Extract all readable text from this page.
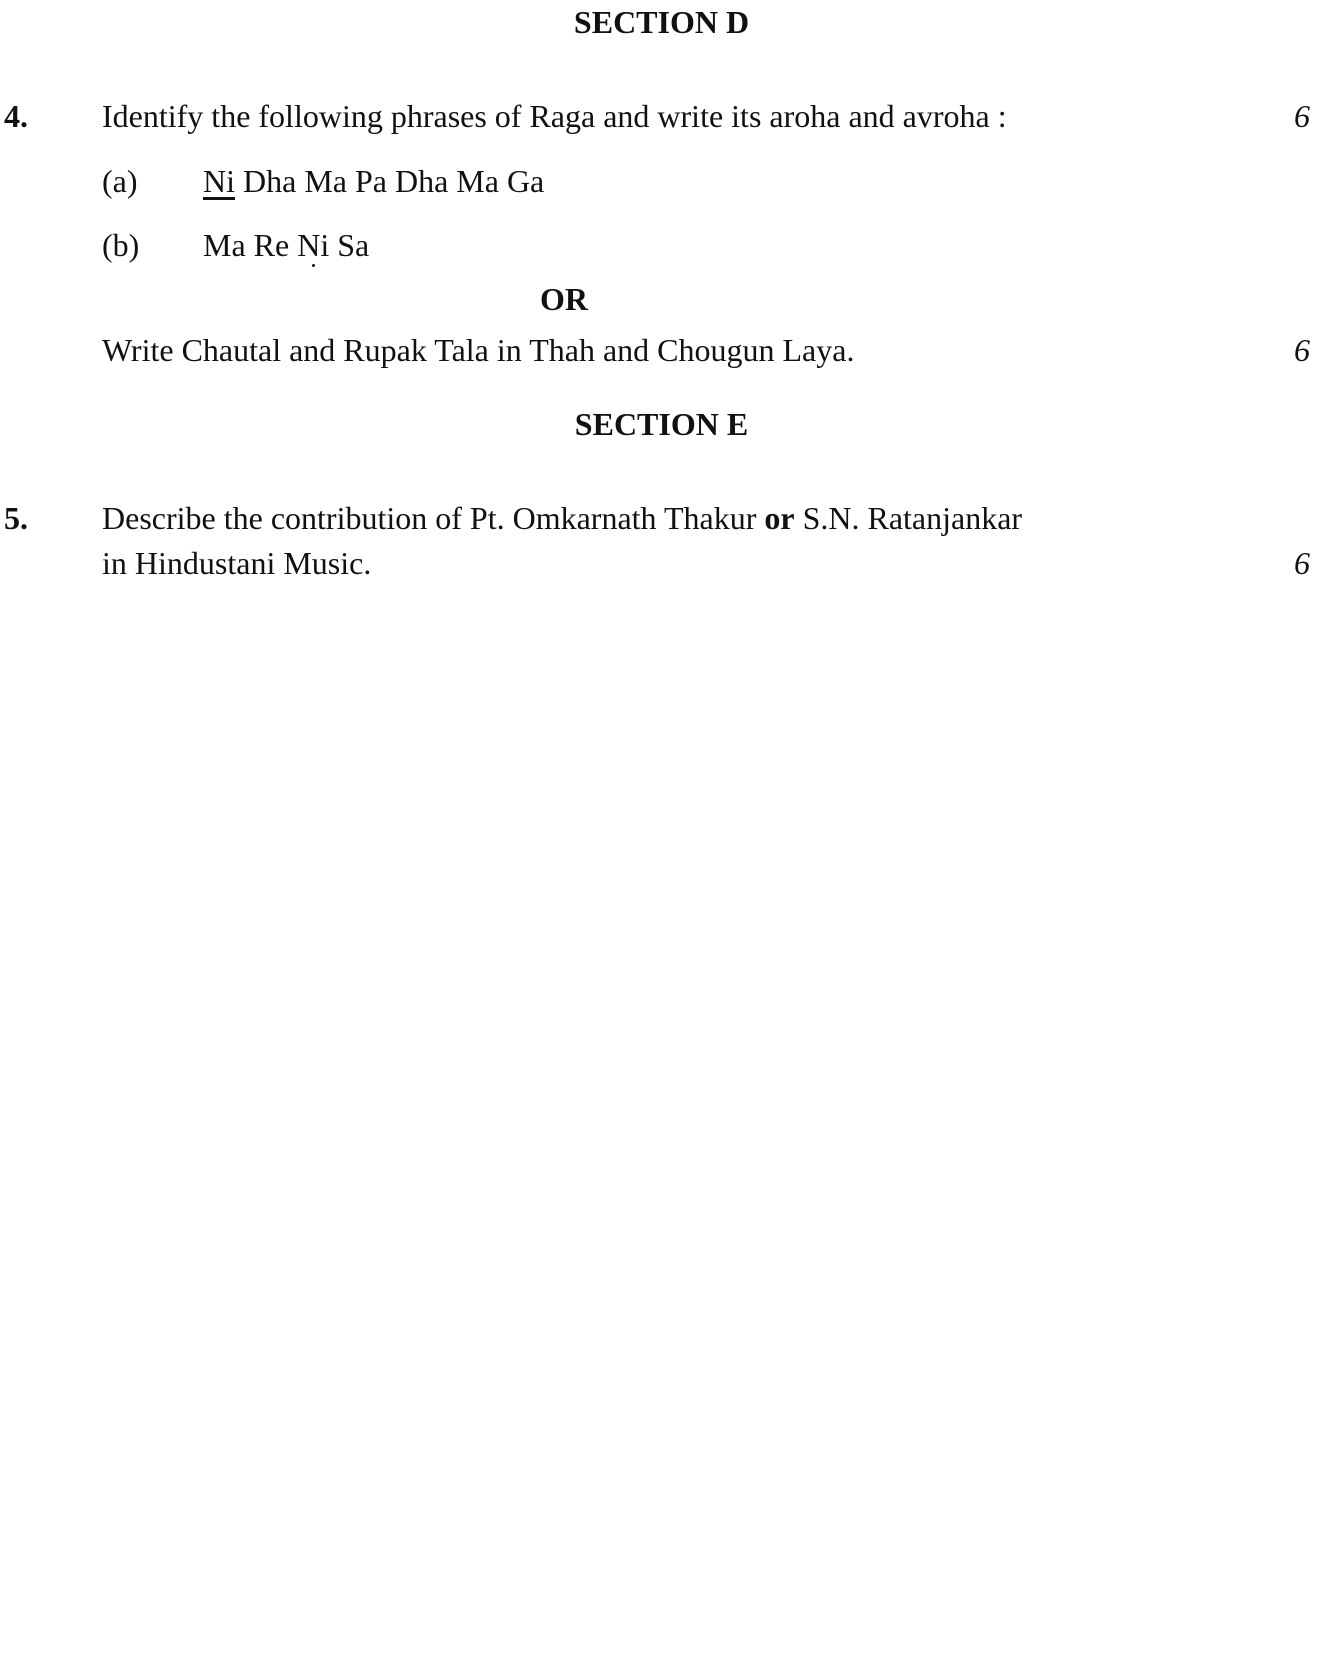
SECTION D
4. Identify the following phrases of Raga and write its aroha and avroha :	6
(a) Ni Dha Ma Pa Dha Ma Ga
(b) Ma Re Ni Sa
OR
Write Chautal and Rupak Tala in Thah and Chougun Laya.	6
SECTION E
5. Describe the contribution of Pt. Omkarnath Thakur or S.N. Ratanjankar
in Hindustani Music.	6
